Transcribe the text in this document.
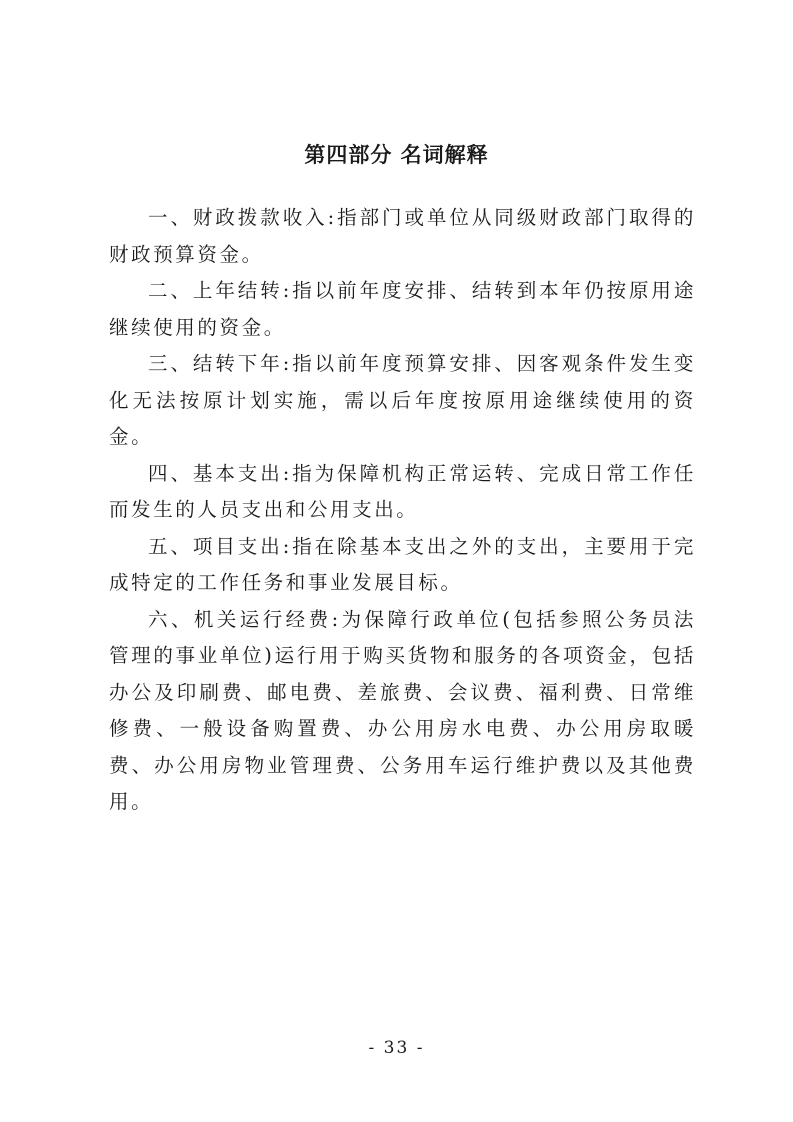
第四部分 名词解释

一、财政拨款收入:指部门或单位从同级财政部门取得的财政预算资金。

二、上年结转:指以前年度安排、结转到本年仍按原用途继续使用的资金。

三、结转下年:指以前年度预算安排、因客观条件发生变化无法按原计划实施，需以后年度按原用途继续使用的资金。

四、基本支出:指为保障机构正常运转、完成日常工作任而发生的人员支出和公用支出。

五、项目支出:指在除基本支出之外的支出，主要用于完成特定的工作任务和事业发展目标。

六、机关运行经费:为保障行政单位(包括参照公务员法管理的事业单位)运行用于购买货物和服务的各项资金，包括办公及印刷费、邮电费、差旅费、会议费、福利费、日常维修费、一般设备购置费、办公用房水电费、办公用房取暖费、办公用房物业管理费、公务用车运行维护费以及其他费用。

- 33 -
